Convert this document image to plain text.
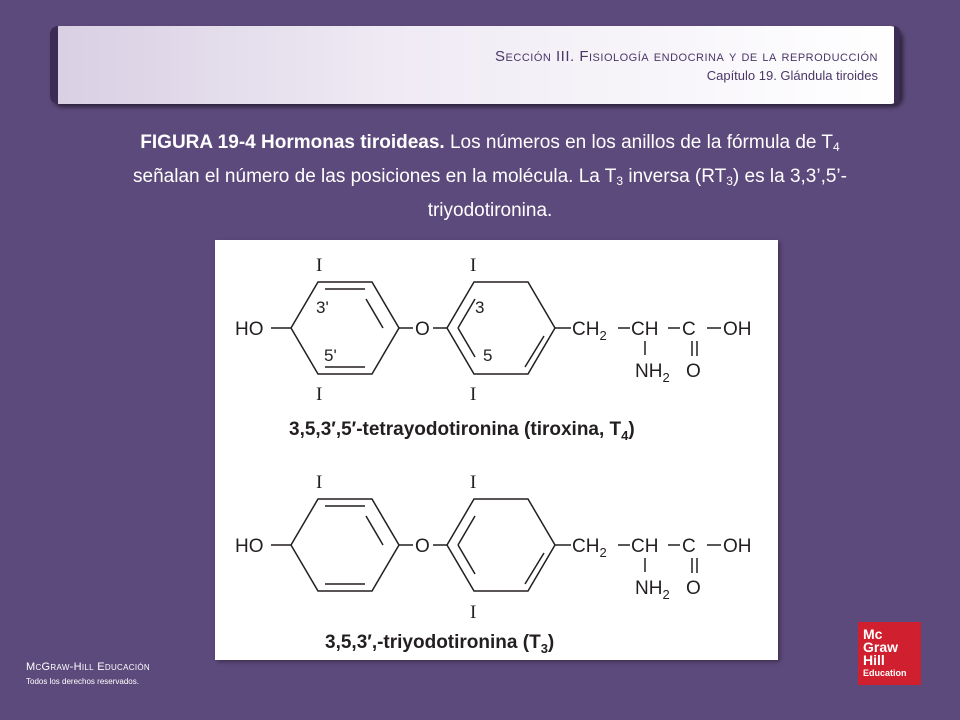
Sección III. Fisiología endocrina y de la reproducción
Capítulo 19. Glándula tiroides
FIGURA 19-4 Hormonas tiroideas. Los números en los anillos de la fórmula de $T_4$ señalan el número de las posiciones en la molécula. La $T_3$ inversa $(RT_3)$ es la 3,3’,5’-triyodotironina.
I
I
I
I
3'
5'
3
5
HO	O	$CH_2$ CH C OH
$NH_2$ O
3,5,3′,5′-tetrayodotironina (tiroxina, $T_4$)
I	I
I
HO	O	$CH_2$ CH C OH
$NH_2$ O
3,5,3′,-triyodotironina $(T_3)$
McGraw-Hill Educación
Todos los derechos reservados.
Mc
Graw
Hill
Education
